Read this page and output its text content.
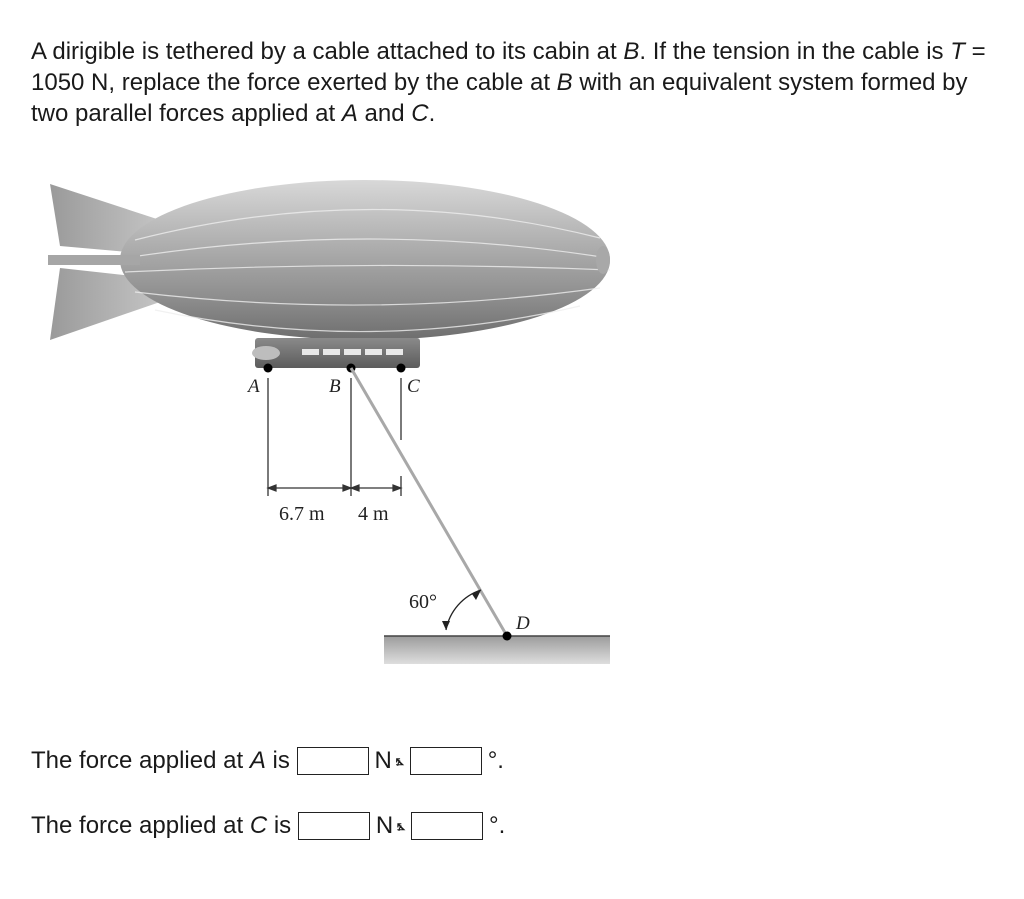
A dirigible is tethered by a cable attached to its cabin at B. If the tension in the cable is T = 1050 N, replace the force exerted by the cable at B with an equivalent system formed by two parallel forces applied at A and C.

A	B	C
6.7 m 4 m
D
60°
The force applied at A is	N ⦩	°.
The force applied at C is	N ⦩	°.
